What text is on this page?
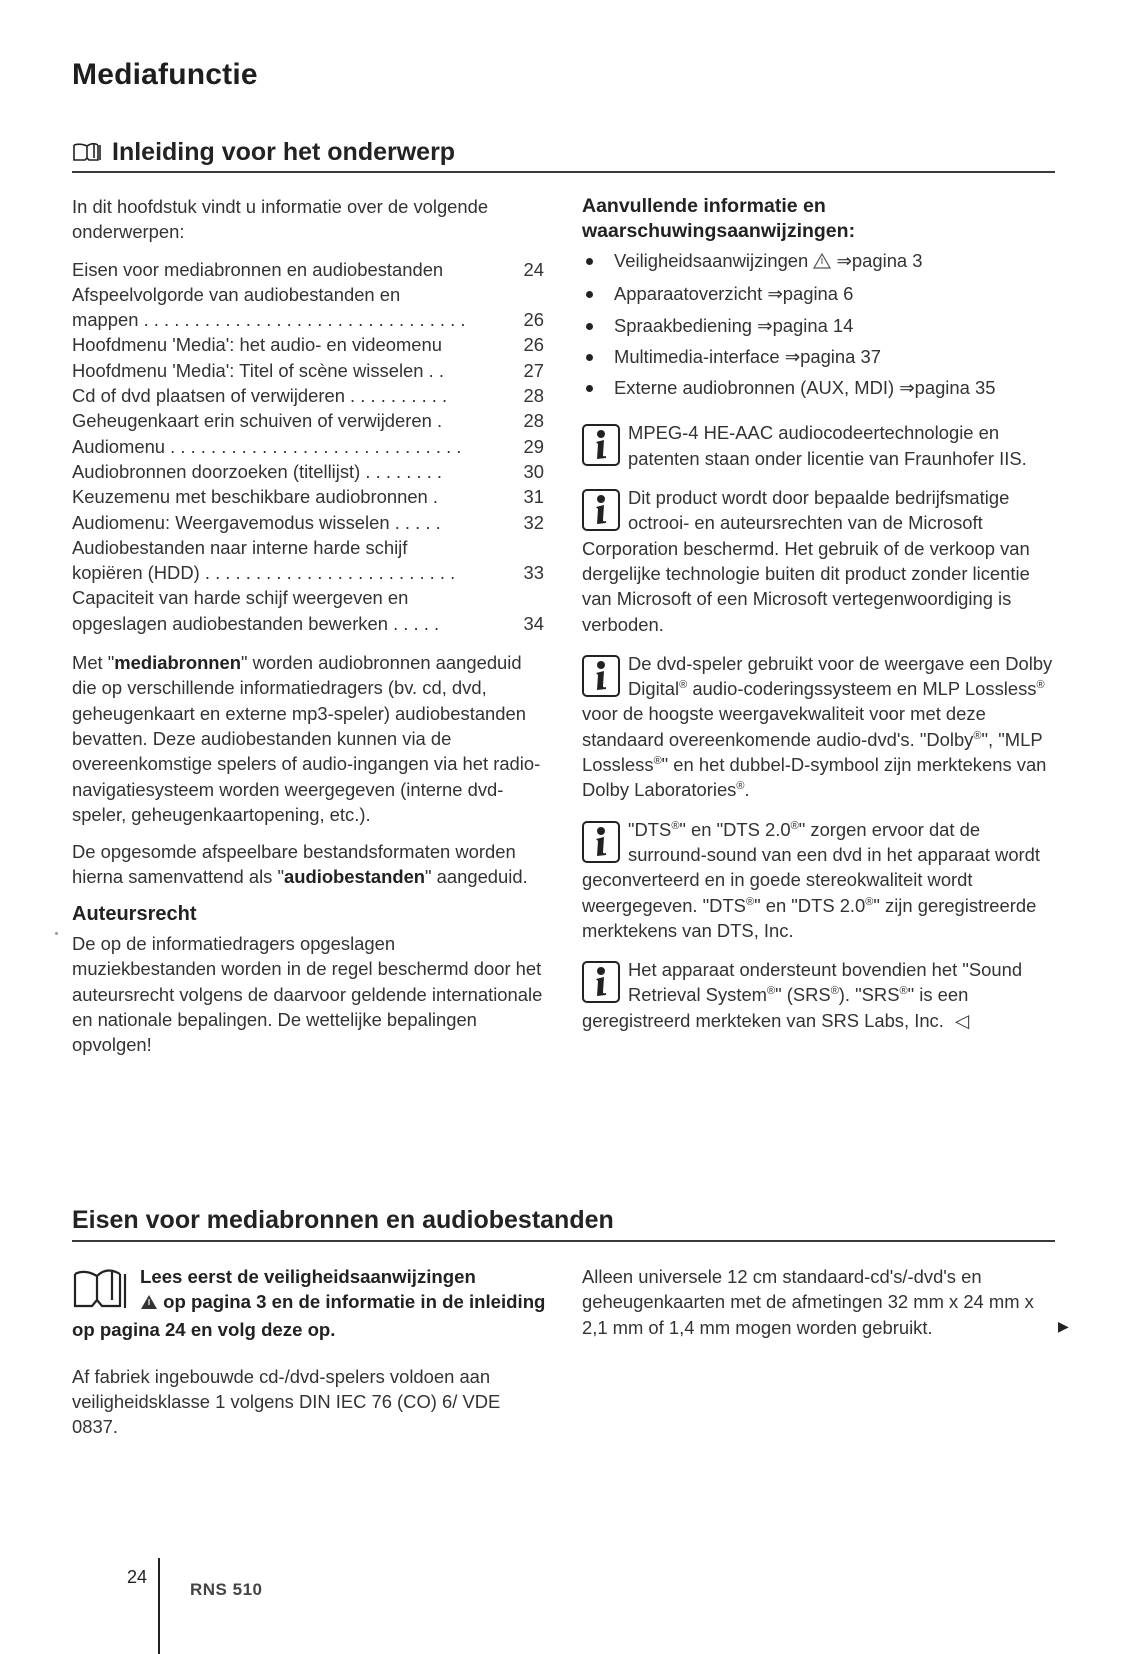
Mediafunctie
Inleiding voor het onderwerp

In dit hoofdstuk vindt u informatie over de volgende onderwerpen:

Eisen voor mediabronnen en audiobestanden	24
Afspeelvolgorde van audiobestanden en
mappen . . . . . . . . . . . . . . . . . . . . . . . . . . . . . . . .	26
Hoofdmenu 'Media': het audio- en videomenu	26
Hoofdmenu 'Media': Titel of scène wisselen . .	27
Cd of dvd plaatsen of verwijderen . . . . . . . . . .	28
Geheugenkaart erin schuiven of verwijderen .	28
Audiomenu . . . . . . . . . . . . . . . . . . . . . . . . . . . . .	29
Audiobronnen doorzoeken (titellijst) . . . . . . . .	30
Keuzemenu met beschikbare audiobronnen .	31
Audiomenu: Weergavemodus wisselen . . . . .	32
Audiobestanden naar interne harde schijf
kopiëren (HDD) . . . . . . . . . . . . . . . . . . . . . . . . .	33
Capaciteit van harde schijf weergeven en
opgeslagen audiobestanden bewerken . . . . .	34

Met "mediabronnen" worden audiobronnen aangeduid die op verschillende informatiedragers (bv. cd, dvd, geheugenkaart en externe mp3-speler) audiobestanden bevatten. Deze audiobestanden kunnen via de overeenkomstige spelers of audio-ingangen via het radio-navigatiesysteem worden weergegeven (interne dvd-speler, geheugenkaartopening, etc.).

De opgesomde afspeelbare bestandsformaten worden hierna samenvattend als "audiobestanden" aangeduid.

Auteursrecht

De op de informatiedragers opgeslagen muziekbestanden worden in de regel beschermd door het auteursrecht volgens de daarvoor geldende internationale en nationale bepalingen. De wettelijke bepalingen opvolgen!

Aanvullende informatie en waarschuwingsaanwijzingen:
Veiligheidsaanwijzingen ⇒pagina 3
Apparaatoverzicht ⇒pagina 6
Spraakbediening ⇒pagina 14
Multimedia-interface ⇒pagina 37
Externe audiobronnen (AUX, MDI) ⇒pagina 35
MPEG-4 HE-AAC audiocodeertechnologie en patenten staan onder licentie van Fraunhofer IIS.
Dit product wordt door bepaalde bedrijfsmatige octrooi- en auteursrechten van de Microsoft Corporation beschermd. Het gebruik of de verkoop van dergelijke technologie buiten dit product zonder licentie van Microsoft of een Microsoft vertegenwoordiging is verboden.
De dvd-speler gebruikt voor de weergave een Dolby Digital® audio-coderingssysteem en MLP Lossless® voor de hoogste weergavekwaliteit voor met deze standaard overeenkomende audio-dvd's. "Dolby®", "MLP Lossless®" en het dubbel-D-symbool zijn merktekens van Dolby Laboratories®.
"DTS®" en "DTS 2.0®" zorgen ervoor dat de surround-sound van een dvd in het apparaat wordt geconverteerd en in goede stereokwaliteit wordt weergegeven. "DTS®" en "DTS 2.0®" zijn geregistreerde merktekens van DTS, Inc.
Het apparaat ondersteunt bovendien het "Sound Retrieval System®" (SRS®). "SRS®" is een geregistreerd merkteken van SRS Labs, Inc. ◁
Eisen voor mediabronnen en audiobestanden
Lees eerst de veiligheidsaanwijzingen
op pagina 3 en de informatie in de inleiding op pagina 24 en volg deze op.

Af fabriek ingebouwde cd-/dvd-spelers voldoen aan veiligheidsklasse 1 volgens DIN IEC 76 (CO) 6/ VDE 0837.

Alleen universele 12 cm standaard-cd's/-dvd's en geheugenkaarten met de afmetingen 32 mm x 24 mm x 2,1 mm of 1,4 mm mogen worden gebruikt.	▶
24
RNS 510
